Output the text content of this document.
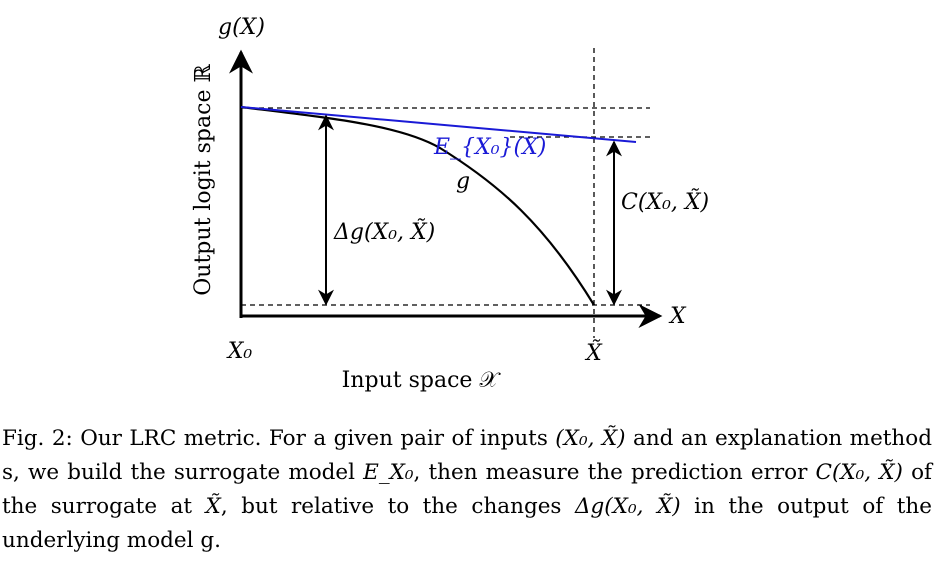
g(X)
Output logit space ℝ
X
Input space 𝒳
X₀	X̃
g
E_{X₀}(X)
Δg(X₀, X̃)
C(X₀, X̃)

Fig. 2: Our LRC metric. For a given pair of inputs (X₀, X̃) and an explanation method s, we build the surrogate model E_X₀, then measure the prediction error C(X₀, X̃) of the surrogate at X̃, but relative to the changes Δg(X₀, X̃) in the output of the underlying model g.
